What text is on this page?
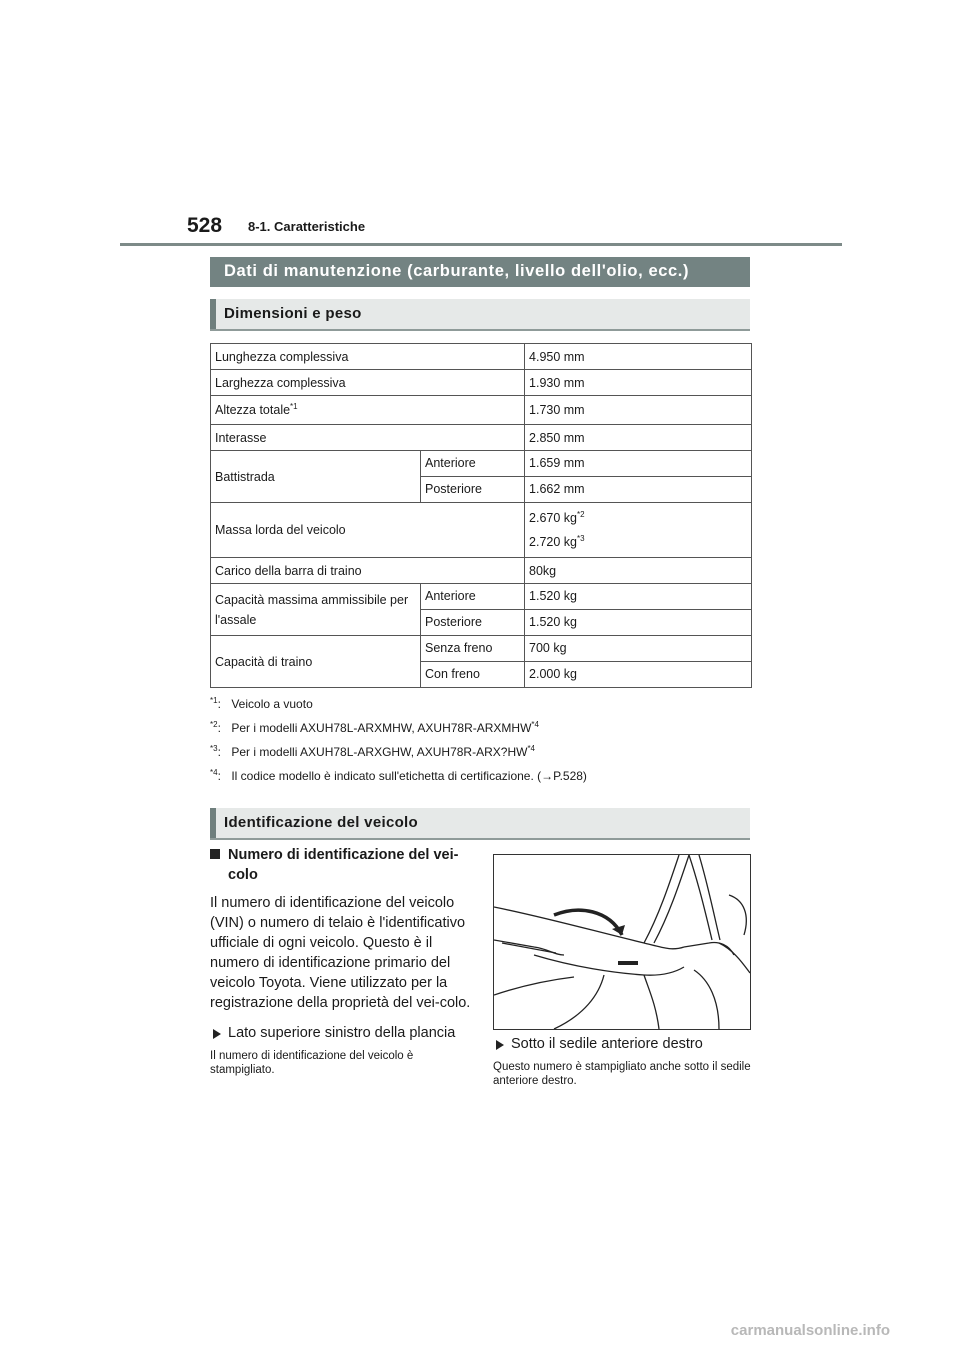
528 8-1. Caratteristiche
Dati di manutenzione (carburante, livello dell'olio, ecc.)
Dimensioni e peso
Lunghezza complessiva		4.950 mm
Larghezza complessiva		1.930 mm
Altezza totale$^{*1}$		1.730 mm
Interasse		2.850 mm
Battistrada	Anteriore	1.659 mm
	Posteriore	1.662 mm
Massa lorda del veicolo		2.670 $kg^{*2}$
2.720 $kg^{*3}$

Carico della barra di traino		80kg
Capacità massima ammissibile per l'assale	Anteriore	1.520 kg
	Posteriore	1.520 kg
Capacità di traino	Senza freno	700 kg
	Con freno	2.000 kg
$^{*1}$: Veicolo a vuoto
$^{*2}$: Per i modelli AXUH78L-ARXMHW, AXUH78R-ARXMHW$^{*4}$
$^{*3}$: Per i modelli AXUH78L-ARXGHW, AXUH78R-ARX?HW$^{*4}$
$^{*4}$: Il codice modello è indicato sull'etichetta di certificazione. (→P.528)
Identificazione del veicolo
Numero di identificazione del vei-colo
Il numero di identificazione del veicolo (VIN) o numero di telaio è l'identificativo ufficiale di ogni veicolo. Questo è il numero di identificazione primario del veicolo Toyota. Viene utilizzato per la registrazione della proprietà del vei-colo.
Lato superiore sinistro della plancia
Il numero di identificazione del veicolo è stampigliato.
Sotto il sedile anteriore destro
Questo numero è stampigliato anche sotto il sedile anteriore destro.
carmanualsonline.info
